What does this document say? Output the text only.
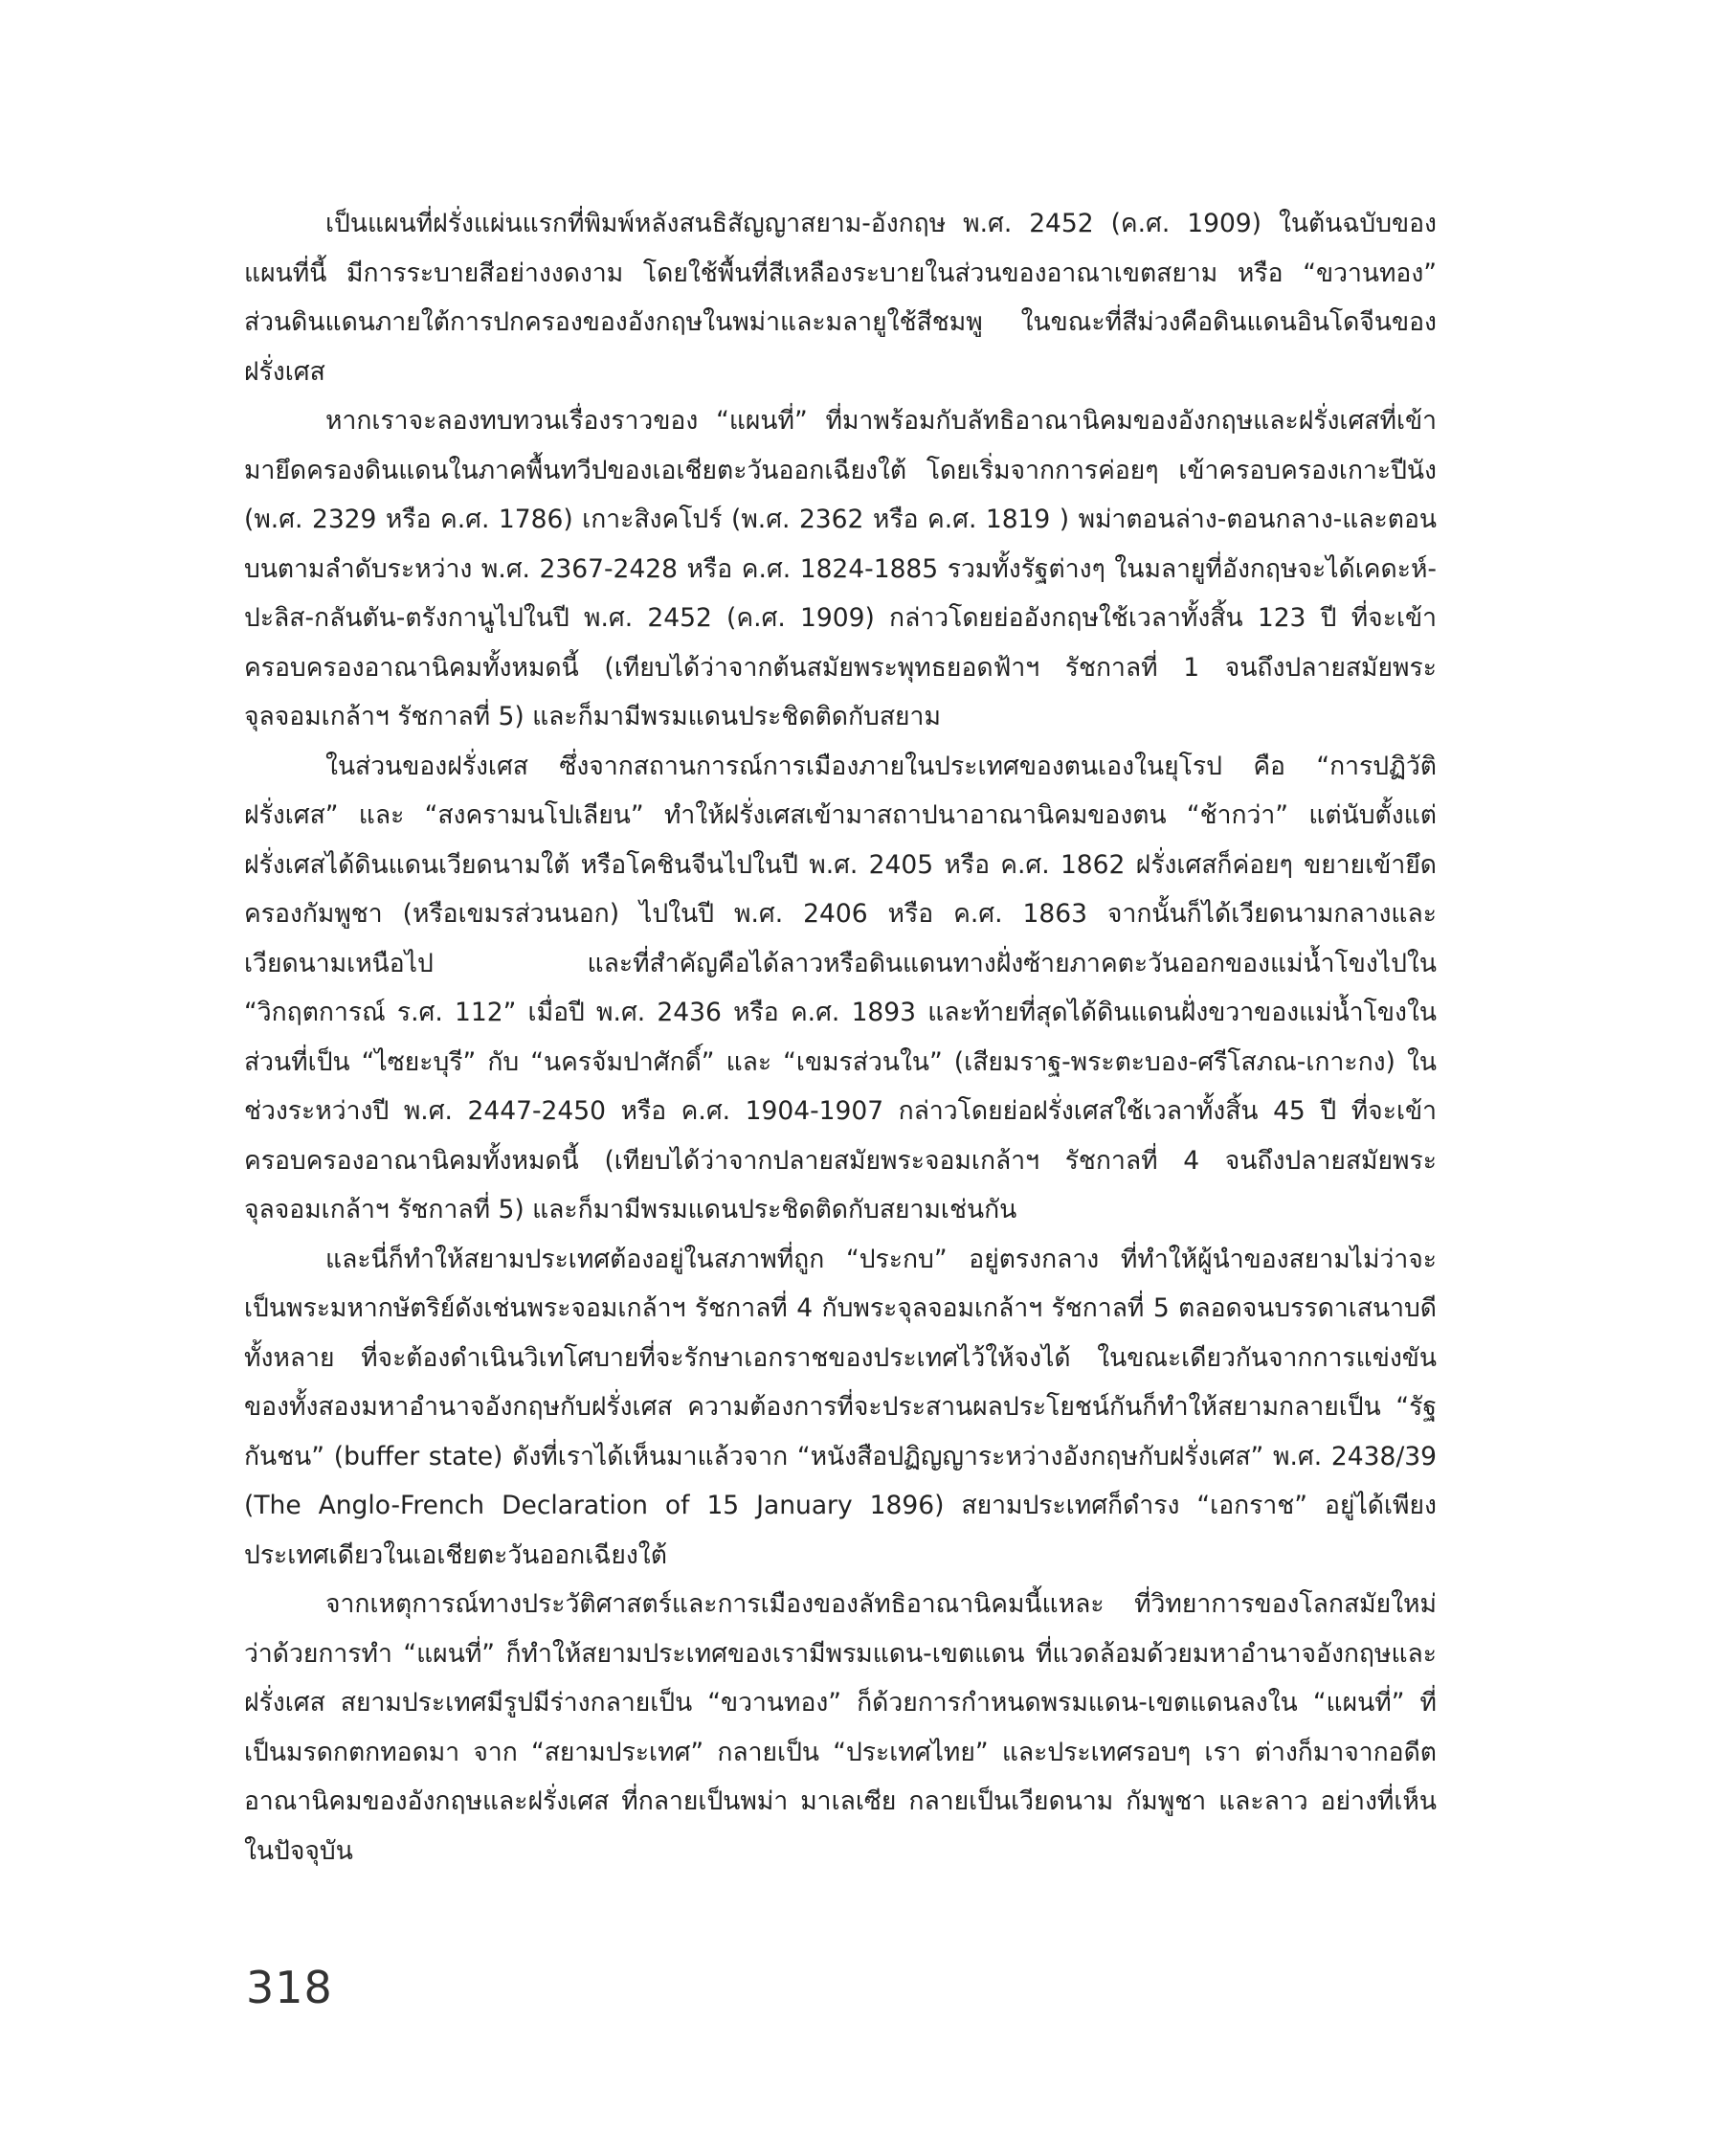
เป็นแผนที่ฝรั่งแผ่นแรกที่พิมพ์หลังสนธิสัญญาสยาม-อังกฤษ พ.ศ. 2452 (ค.ศ. 1909) ในต้นฉบับของแผนที่นี้ มีการระบายสีอย่างงดงาม โดยใช้พื้นที่สีเหลืองระบายในส่วนของอาณาเขตสยาม หรือ “ขวานทอง” ส่วนดินแดนภายใต้การปกครองของอังกฤษในพม่าและมลายูใช้สีชมพู ในขณะที่สีม่วงคือดินแดนอินโดจีนของฝรั่งเศส

หากเราจะลองทบทวนเรื่องราวของ “แผนที่” ที่มาพร้อมกับลัทธิอาณานิคมของอังกฤษและฝรั่งเศสที่เข้ามายึดครองดินแดนในภาคพื้นทวีปของเอเชียตะวันออกเฉียงใต้ โดยเริ่มจากการค่อยๆ เข้าครอบครองเกาะปีนัง (พ.ศ. 2329 หรือ ค.ศ. 1786) เกาะสิงคโปร์ (พ.ศ. 2362 หรือ ค.ศ. 1819 ) พม่าตอนล่าง-ตอนกลาง-และตอนบนตามลำดับระหว่าง พ.ศ. 2367-2428 หรือ ค.ศ. 1824-1885 รวมทั้งรัฐต่างๆ ในมลายูที่อังกฤษจะได้เคดะห์-ปะลิส-กลันตัน-ตรังกานูไปในปี พ.ศ. 2452 (ค.ศ. 1909) กล่าวโดยย่ออังกฤษใช้เวลาทั้งสิ้น 123 ปี ที่จะเข้าครอบครองอาณานิคมทั้งหมดนี้ (เทียบได้ว่าจากต้นสมัยพระพุทธยอดฟ้าฯ รัชกาลที่ 1 จนถึงปลายสมัยพระจุลจอมเกล้าฯ รัชกาลที่ 5) และก็มามีพรมแดนประชิดติดกับสยาม

ในส่วนของฝรั่งเศส ซึ่งจากสถานการณ์การเมืองภายในประเทศของตนเองในยุโรป คือ “การปฏิวัติฝรั่งเศส” และ “สงครามนโปเลียน” ทำให้ฝรั่งเศสเข้ามาสถาปนาอาณานิคมของตน “ช้ากว่า” แต่นับตั้งแต่ฝรั่งเศสได้ดินแดนเวียดนามใต้ หรือโคชินจีนไปในปี พ.ศ. 2405 หรือ ค.ศ. 1862 ฝรั่งเศสก็ค่อยๆ ขยายเข้ายึดครองกัมพูชา (หรือเขมรส่วนนอก) ไปในปี พ.ศ. 2406 หรือ ค.ศ. 1863 จากนั้นก็ได้เวียดนามกลางและเวียดนามเหนือไป และที่สำคัญคือได้ลาวหรือดินแดนทางฝั่งซ้ายภาคตะวันออกของแม่น้ำโขงไปใน “วิกฤตการณ์ ร.ศ. 112” เมื่อปี พ.ศ. 2436 หรือ ค.ศ. 1893 และท้ายที่สุดได้ดินแดนฝั่งขวาของแม่น้ำโขงในส่วนที่เป็น “ไซยะบุรี” กับ “นครจัมปาศักดิ์” และ “เขมรส่วนใน” (เสียมราฐ-พระตะบอง-ศรีโสภณ-เกาะกง) ในช่วงระหว่างปี พ.ศ. 2447-2450 หรือ ค.ศ. 1904-1907 กล่าวโดยย่อฝรั่งเศสใช้เวลาทั้งสิ้น 45 ปี ที่จะเข้าครอบครองอาณานิคมทั้งหมดนี้ (เทียบได้ว่าจากปลายสมัยพระจอมเกล้าฯ รัชกาลที่ 4 จนถึงปลายสมัยพระจุลจอมเกล้าฯ รัชกาลที่ 5) และก็มามีพรมแดนประชิดติดกับสยามเช่นกัน

และนี่ก็ทำให้สยามประเทศต้องอยู่ในสภาพที่ถูก “ประกบ” อยู่ตรงกลาง ที่ทำให้ผู้นำของสยามไม่ว่าจะเป็นพระมหากษัตริย์ดังเช่นพระจอมเกล้าฯ รัชกาลที่ 4 กับพระจุลจอมเกล้าฯ รัชกาลที่ 5 ตลอดจนบรรดาเสนาบดีทั้งหลาย ที่จะต้องดำเนินวิเทโศบายที่จะรักษาเอกราชของประเทศไว้ให้จงได้ ในขณะเดียวกันจากการแข่งขันของทั้งสองมหาอำนาจอังกฤษกับฝรั่งเศส ความต้องการที่จะประสานผลประโยชน์กันก็ทำให้สยามกลายเป็น “รัฐกันชน” (buffer state) ดังที่เราได้เห็นมาแล้วจาก “หนังสือปฏิญญาระหว่างอังกฤษกับฝรั่งเศส” พ.ศ. 2438/39 (The Anglo-French Declaration of 15 January 1896) สยามประเทศก็ดำรง “เอกราช” อยู่ได้เพียงประเทศเดียวในเอเชียตะวันออกเฉียงใต้

จากเหตุการณ์ทางประวัติศาสตร์และการเมืองของลัทธิอาณานิคมนี้แหละ ที่วิทยาการของโลกสมัยใหม่ว่าด้วยการทำ “แผนที่” ก็ทำให้สยามประเทศของเรามีพรมแดน-เขตแดน ที่แวดล้อมด้วยมหาอำนาจอังกฤษและฝรั่งเศส สยามประเทศมีรูปมีร่างกลายเป็น “ขวานทอง” ก็ด้วยการกำหนดพรมแดน-เขตแดนลงใน “แผนที่” ที่เป็นมรดกตกทอดมา จาก “สยามประเทศ” กลายเป็น “ประเทศไทย” และประเทศรอบๆ เรา ต่างก็มาจากอดีตอาณานิคมของอังกฤษและฝรั่งเศส ที่กลายเป็นพม่า มาเลเซีย กลายเป็นเวียดนาม กัมพูชา และลาว อย่างที่เห็นในปัจจุบัน

318
